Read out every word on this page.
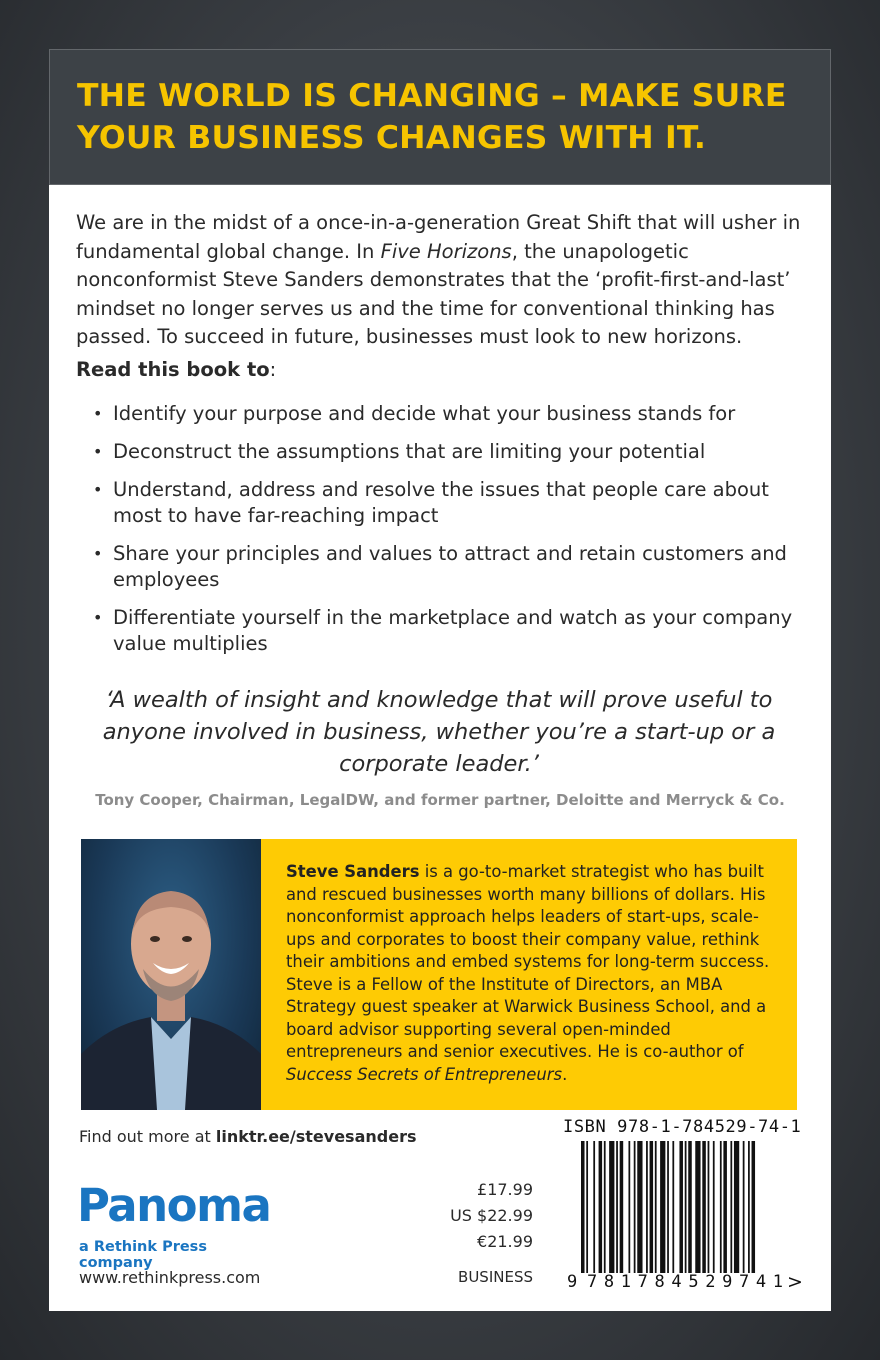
THE WORLD IS CHANGING – MAKE SURE YOUR BUSINESS CHANGES WITH IT.

We are in the midst of a once-in-a-generation Great Shift that will usher in fundamental global change. In Five Horizons, the unapologetic nonconformist Steve Sanders demonstrates that the ‘profit-first-and-last’ mindset no longer serves us and the time for conventional thinking has passed. To succeed in future, businesses must look to new horizons.

Read this book to:

• Identify your purpose and decide what your business stands for
• Deconstruct the assumptions that are limiting your potential
• Understand, address and resolve the issues that people care about most to have far-reaching impact
• Share your principles and values to attract and retain customers and employees
• Differentiate yourself in the marketplace and watch as your company value multiplies

‘A wealth of insight and knowledge that will prove useful to anyone involved in business, whether you’re a start-up or a corporate leader.’

Tony Cooper, Chairman, LegalDW, and former partner, Deloitte and Merryck & Co.

Steve Sanders is a go-to-market strategist who has built and rescued businesses worth many billions of dollars. His nonconformist approach helps leaders of start-ups, scale-ups and corporates to boost their company value, rethink their ambitions and embed systems for long-term success. Steve is a Fellow of the Institute of Directors, an MBA Strategy guest speaker at Warwick Business School, and a board advisor supporting several open-minded entrepreneurs and senior executives. He is co-author of Success Secrets of Entrepreneurs.

Find out more at linktr.ee/stevesanders	ISBN 978-1-784529-74-1

9 781784529741 >
Panoma
a Rethink Press company

www.rethinkpress.com

£17.99
US $22.99
€21.99

BUSINESS
